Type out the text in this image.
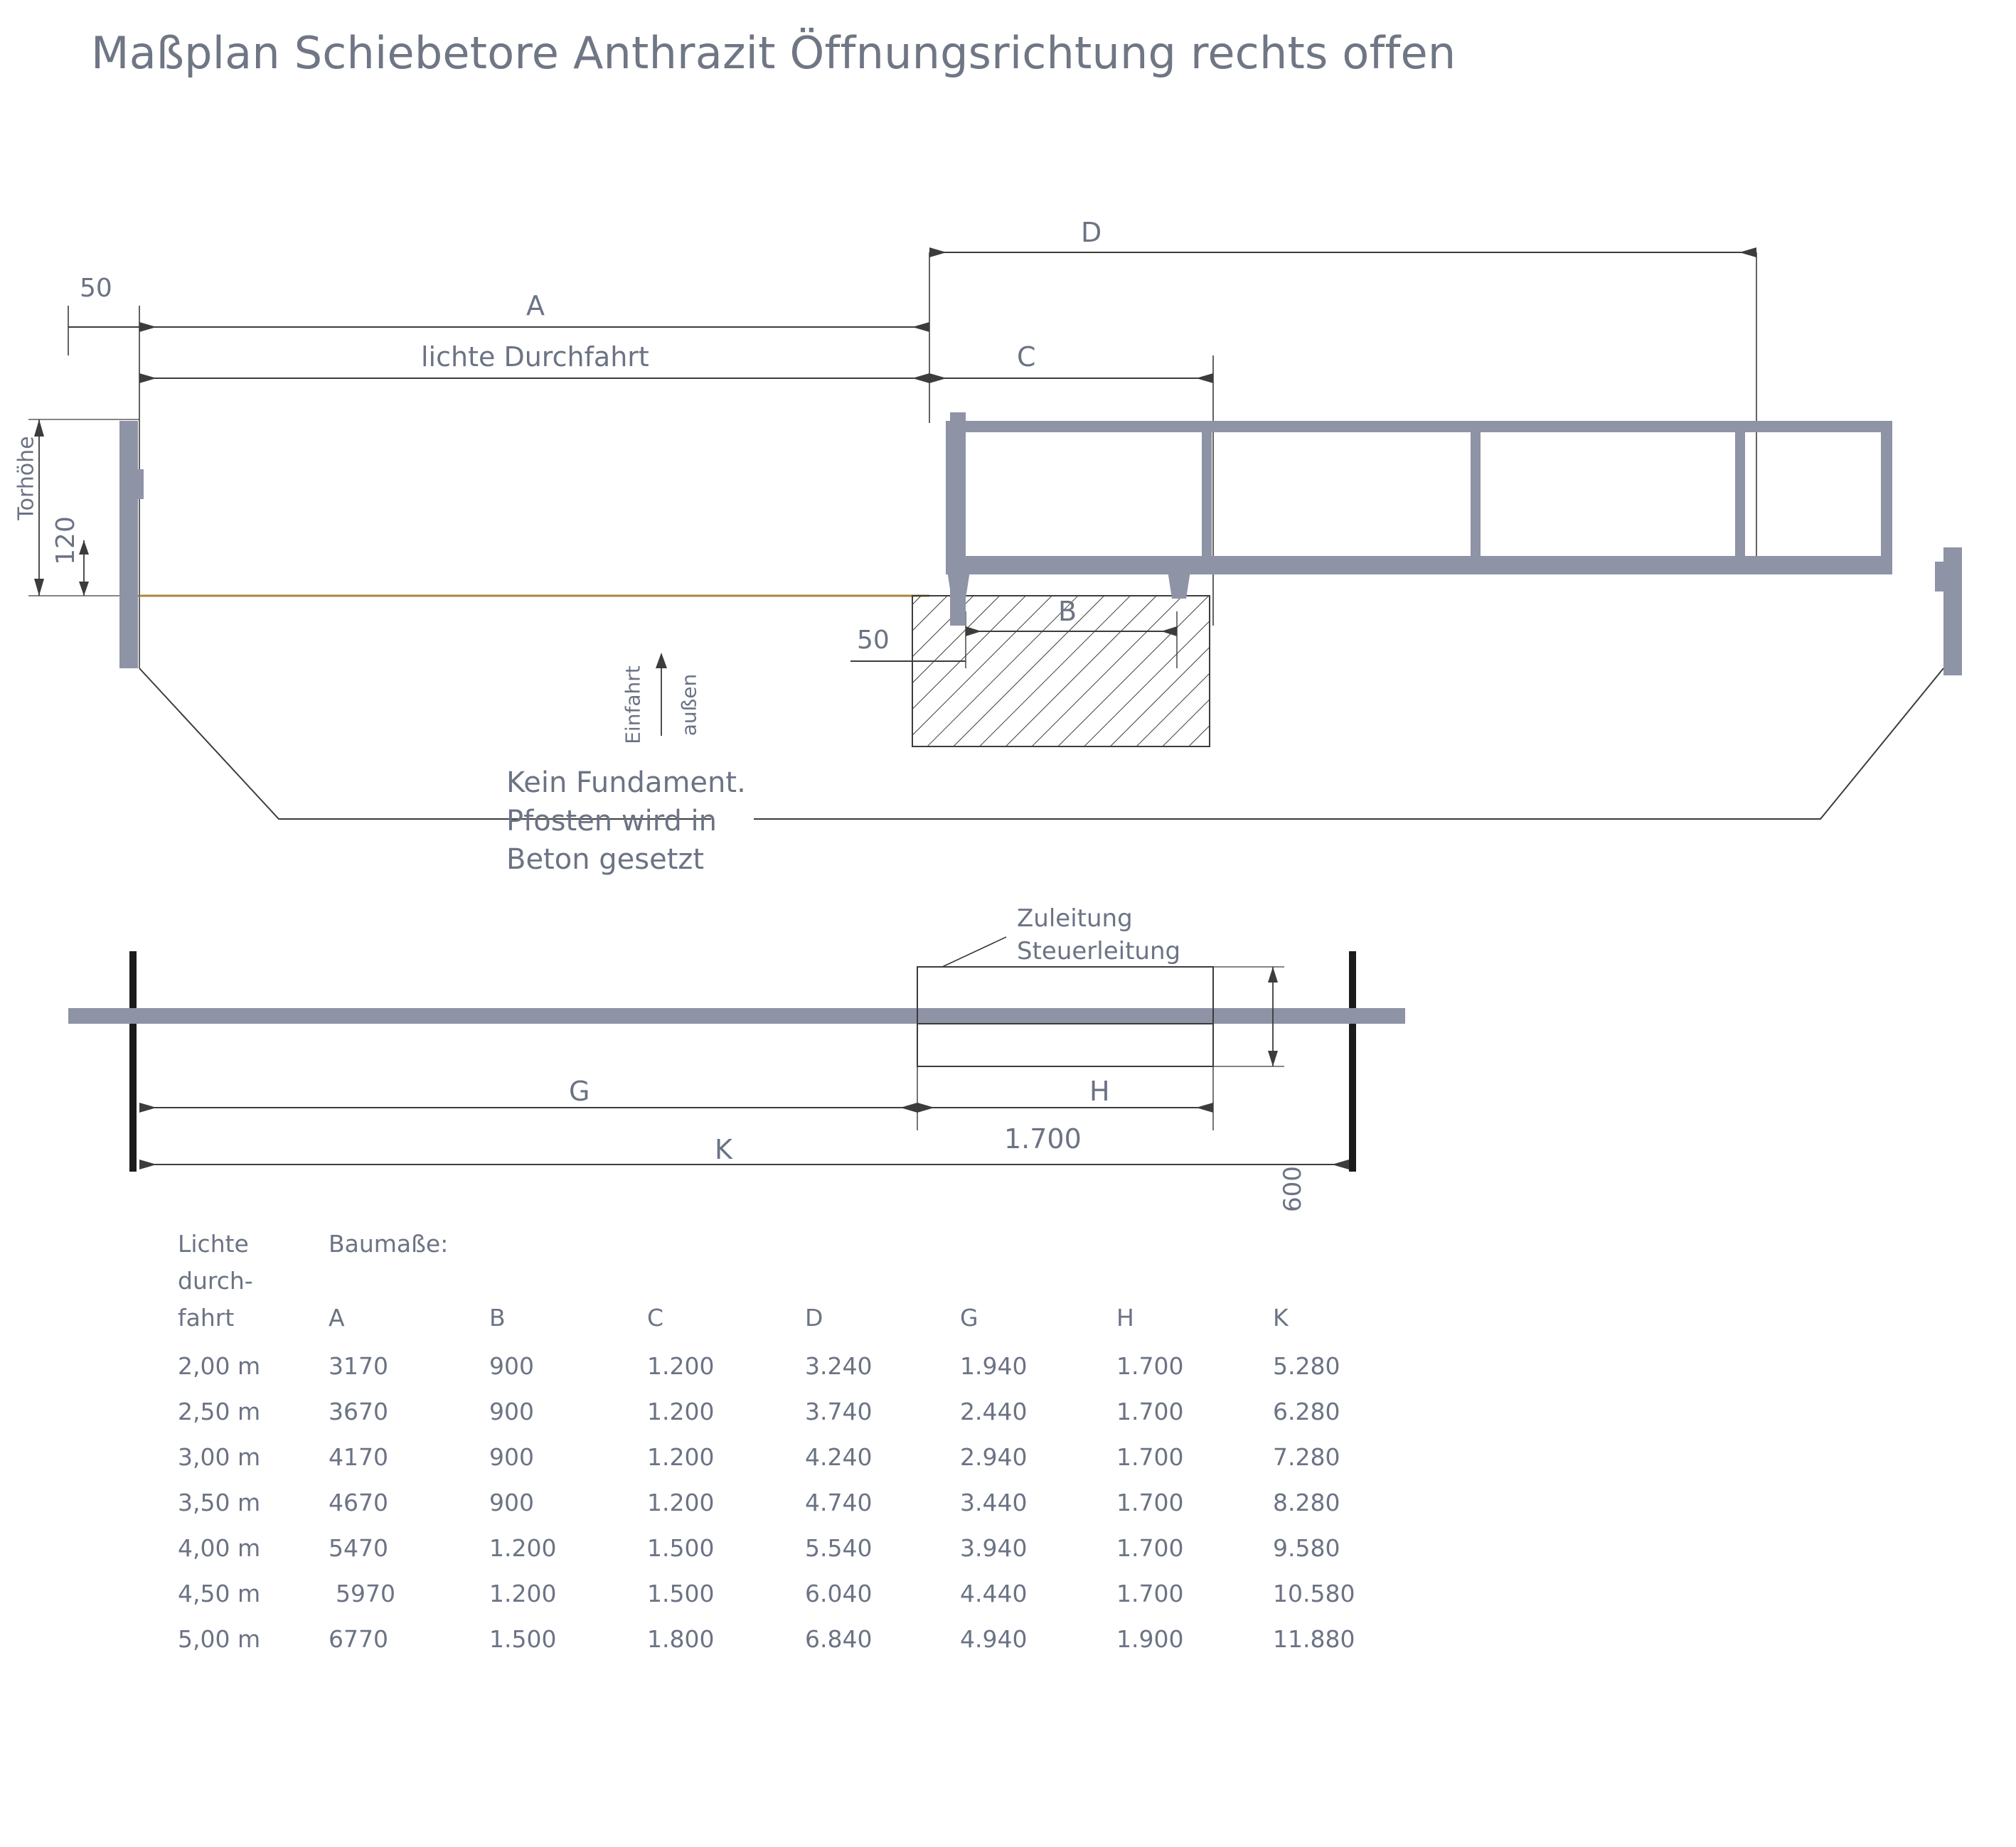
Maßplan Schiebetore Anthrazit Öffnungsrichtung rechts offen
50
A
lichte Durchfahrt	C
D
B
50
Torhöhe
120
Einfahrt außen
Kein Fundament.
Pfosten wird in
Beton gesetzt
Zuleitung
Steuerleitung
600
G	H
1.700
K
Lichte
durch-
fahrt
Baumaße:
A	B	C	D	G	H	K
2,00 m	3170	900	1.200	3.240	1.940	1.700	5.280
2,50 m	3670	900	1.200	3.740	2.440	1.700	6.280
3,00 m	4170	900	1.200	4.240	2.940	1.700	7.280
3,50 m	4670	900	1.200	4.740	3.440	1.700	8.280
4,00 m	5470	1.200	1.500	5.540	3.940	1.700	9.580
4,50 m	5970	1.200	1.500	6.040	4.440	1.700	10.580
5,00 m	6770	1.500	1.800	6.840	4.940	1.900	11.880
